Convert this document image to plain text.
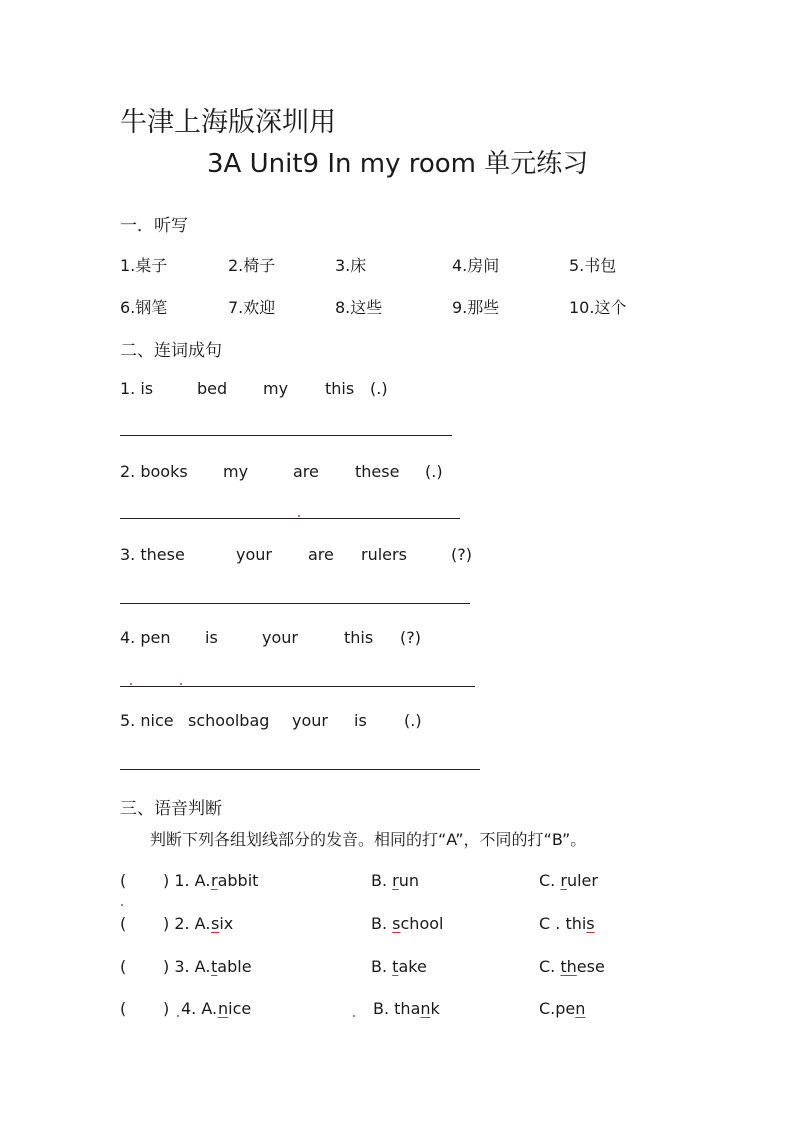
牛津上海版深圳用
3A Unit9 In my room 单元练习
一．听写
1.桌子	2.椅子	3.床	4.房间	5.书包
6.钢笔	7.欢迎	8.这些	9.那些	10.这个
二、连词成句
1. is	bed my this (.)
2. books my	are these (.)
3. these	your are rulers	(?)
4. pen is	your	this (?)
5. nice schoolbag your is (.)
三、语音判断
判断下列各组划线部分的发音。相同的打“A”，不同的打“B”。
( ) 1. A. rabbit	B. run	C. ruler
( ) 2. A. six	B. school	C . this
( ) 3. A. table	B. take	C. these
( ) 4. A. nice	B. thank	C.pen
